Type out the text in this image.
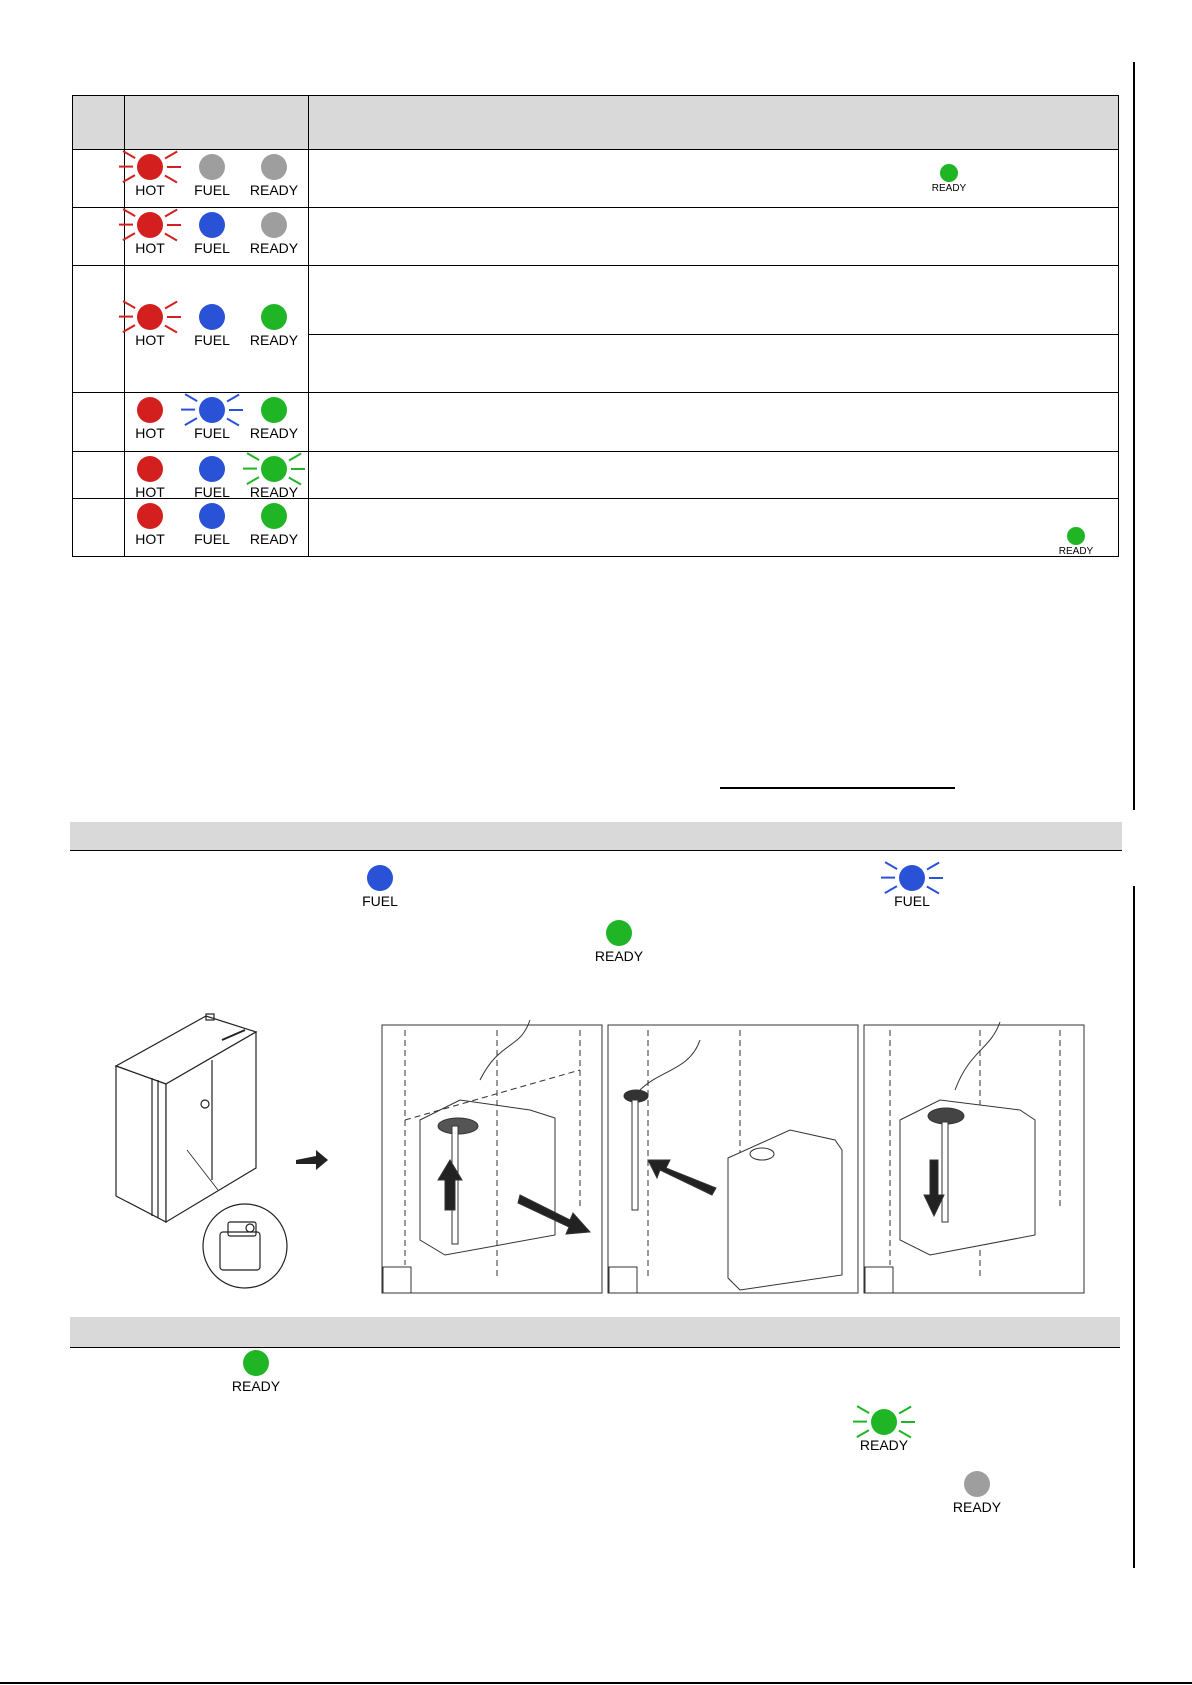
	HOT FUEL READY	READY

	HOT FUEL READY	

	HOT FUEL READY	

	HOT FUEL READY	

	HOT FUEL READY	

	HOT FUEL READY	READY
FUEL	FUEL
READY
READY
READY
READY
